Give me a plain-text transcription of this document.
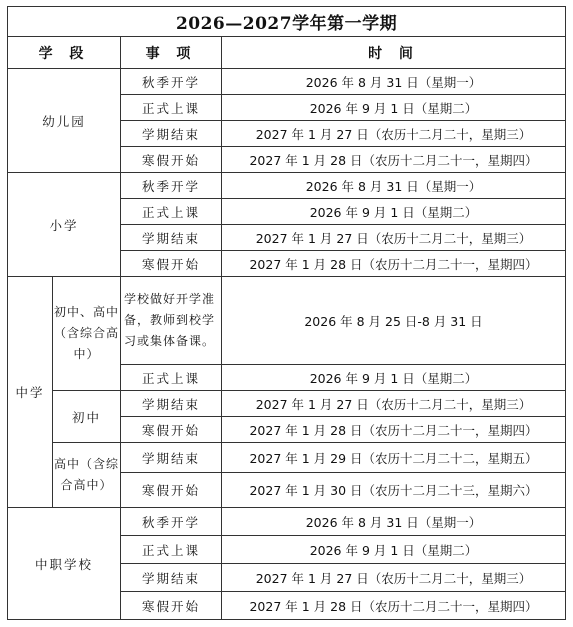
2026—2027学年第一学期			
学 段		事 项	时 间
幼儿园		秋季开学	2026 年 8 月 31 日（星期一）
		正式上课	2026 年 9 月 1 日（星期二）
		学期结束	2027 年 1 月 27 日（农历十二月二十，星期三）
		寒假开始	2027 年 1 月 28 日（农历十二月二十一，星期四）
小学		秋季开学	2026 年 8 月 31 日（星期一）
		正式上课	2026 年 9 月 1 日（星期二）
		学期结束	2027 年 1 月 27 日（农历十二月二十，星期三）
		寒假开始	2027 年 1 月 28 日（农历十二月二十一，星期四）
中学	初中、高中（含综合高中）	学校做好开学准备，教师到校学习或集体备课。	2026 年 8 月 25 日-8 月 31 日
		正式上课	2026 年 9 月 1 日（星期二）
	初中	学期结束	2027 年 1 月 27 日（农历十二月二十，星期三）
		寒假开始	2027 年 1 月 28 日（农历十二月二十一，星期四）
	高中（含综合高中）	学期结束	2027 年 1 月 29 日（农历十二月二十二，星期五）
		寒假开始	2027 年 1 月 30 日（农历十二月二十三，星期六）
中职学校		秋季开学	2026 年 8 月 31 日（星期一）
		正式上课	2026 年 9 月 1 日（星期二）
		学期结束	2027 年 1 月 27 日（农历十二月二十，星期三）
		寒假开始	2027 年 1 月 28 日（农历十二月二十一，星期四）
